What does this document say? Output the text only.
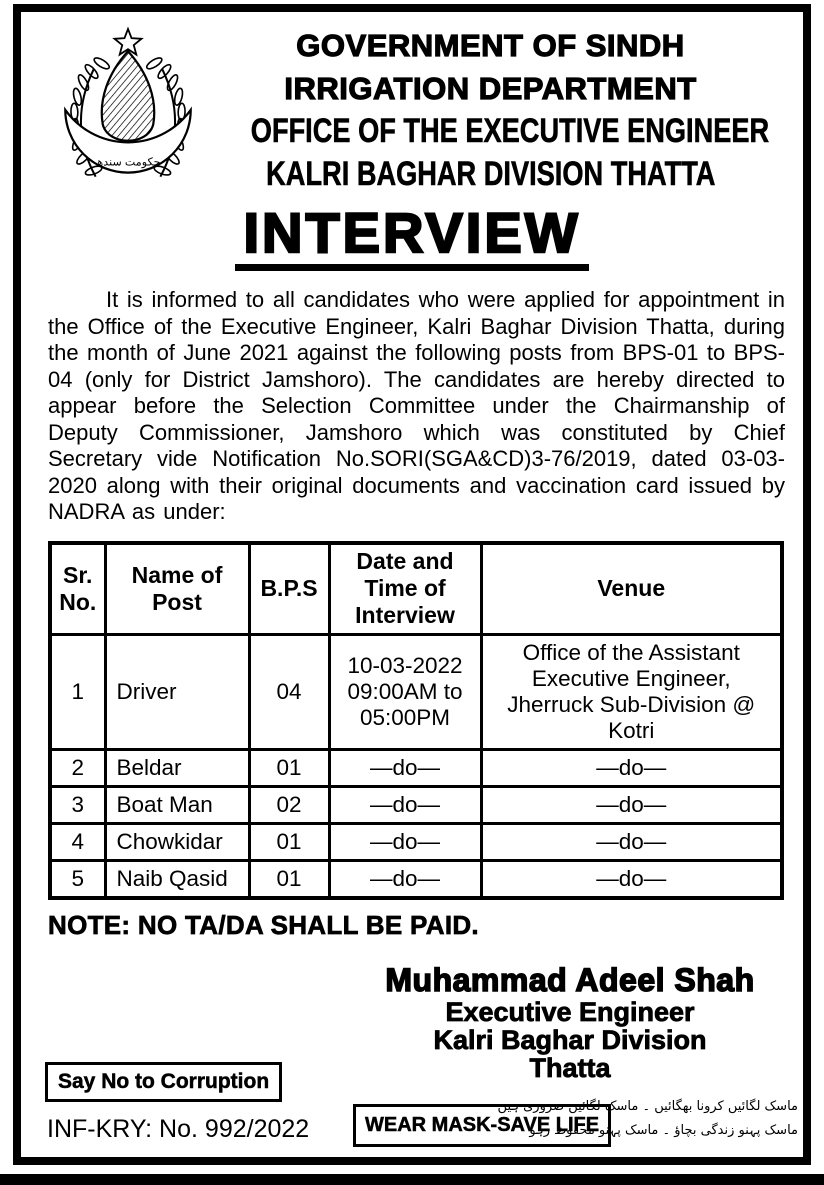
حکومت سندھ
GOVERNMENT OF SINDH
IRRIGATION DEPARTMENT
OFFICE OF THE EXECUTIVE ENGINEER
KALRI BAGHAR DIVISION THATTA
INTERVIEW

It is informed to all candidates who were applied for appointment in the Office of the Executive Engineer, Kalri Baghar Division Thatta, during the month of June 2021 against the following posts from BPS-01 to BPS-04 (only for District Jamshoro). The candidates are hereby directed to appear before the Selection Committee under the Chairmanship of Deputy Commissioner, Jamshoro which was constituted by Chief Secretary vide Notification No.SORI(SGA&CD)3-76/2019, dated 03-03-2020 along with their original documents and vaccination card issued by NADRA as under:

Sr. No.	Name of Post	B.P.S	Date and Time of Interview	Venue
1	Driver	04	10-03-2022 09:00AM to 05:00PM	Office of the Assistant Executive Engineer, Jherruck Sub-Division @ Kotri
2	Beldar	01	—do—	—do—
3	Boat Man	02	—do—	—do—
4	Chowkidar	01	—do—	—do—
5	Naib Qasid	01	—do—	—do—
NOTE: NO TA/DA SHALL BE PAID.
Muhammad Adeel Shah
Executive Engineer
Kalri Baghar Division
Thatta
Say No to Corruption
INF-KRY: No. 992/2022	WEAR MASK-SAVE LIFE
ماسک لگائیں کرونا بھگائیں ۔ ماسک لگائیں ضروری ہیں
ماسک پہنو زندگی بچاؤ ۔ ماسک پہنو محفوظ رہو
